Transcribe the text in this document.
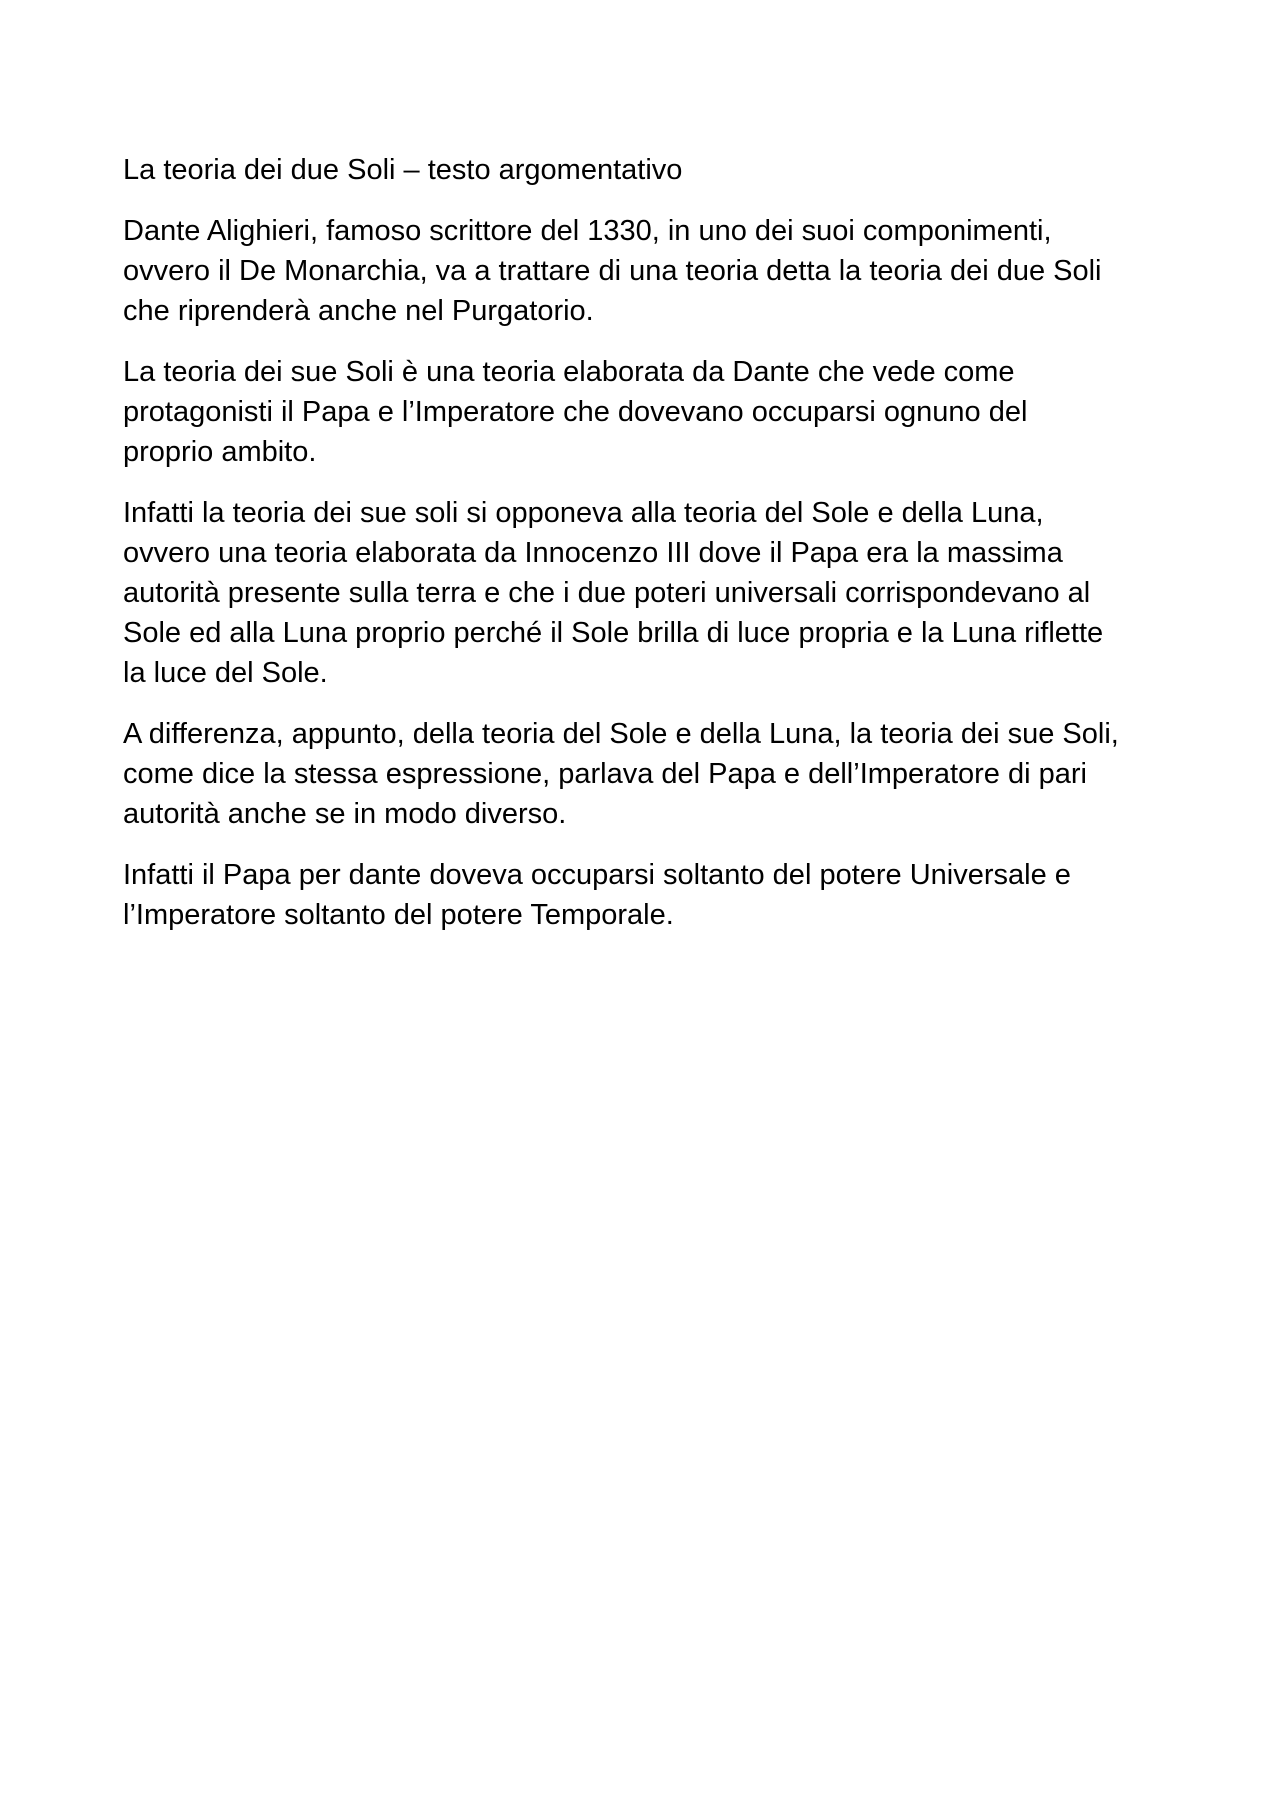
La teoria dei due Soli – testo argomentativo

Dante Alighieri, famoso scrittore del 1330, in uno dei suoi componimenti,
ovvero il De Monarchia, va a trattare di una teoria detta la teoria dei due Soli
che riprenderà anche nel Purgatorio.

La teoria dei sue Soli è una teoria elaborata da Dante che vede come
protagonisti il Papa e l’Imperatore che dovevano occuparsi ognuno del
proprio ambito.

Infatti la teoria dei sue soli si opponeva alla teoria del Sole e della Luna,
ovvero una teoria elaborata da Innocenzo III dove il Papa era la massima
autorità presente sulla terra e che i due poteri universali corrispondevano al
Sole ed alla Luna proprio perché il Sole brilla di luce propria e la Luna riflette
la luce del Sole.

A differenza, appunto, della teoria del Sole e della Luna, la teoria dei sue Soli,
come dice la stessa espressione, parlava del Papa e dell’Imperatore di pari
autorità anche se in modo diverso.

Infatti il Papa per dante doveva occuparsi soltanto del potere Universale e
l’Imperatore soltanto del potere Temporale.
